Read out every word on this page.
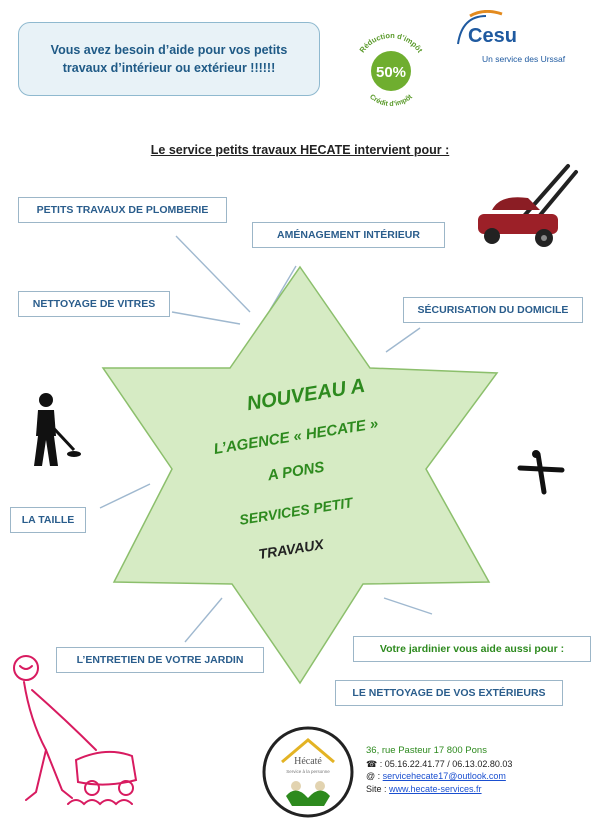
Vous avez besoin d’aide pour vos petits
travaux d’intérieur ou extérieur !!!!!!
Réduction d’impôt
50%
Crédit d’impôt
Cesu
Un service des Urssaf
Le service petits travaux HECATE intervient pour :
NOUVEAU A
L’AGENCE « HECATE »
A PONS
SERVICES PETIT
TRAVAUX
PETITS TRAVAUX DE PLOMBERIE
AMÉNAGEMENT INTÉRIEUR
NETTOYAGE DE VITRES	SÉCURISATION DU DOMICILE
LA TAILLE
L’ENTRETIEN DE VOTRE JARDIN
Votre jardinier vous aide aussi pour :
LE NETTOYAGE DE VOS EXTÉRIEURS
Hécaté
Service à la personne
36, rue Pasteur 17 800 Pons
☎ : 05.16.22.41.77 / 06.13.02.80.03
@ : servicehecate17@outlook.com
Site : www.hecate-services.fr
